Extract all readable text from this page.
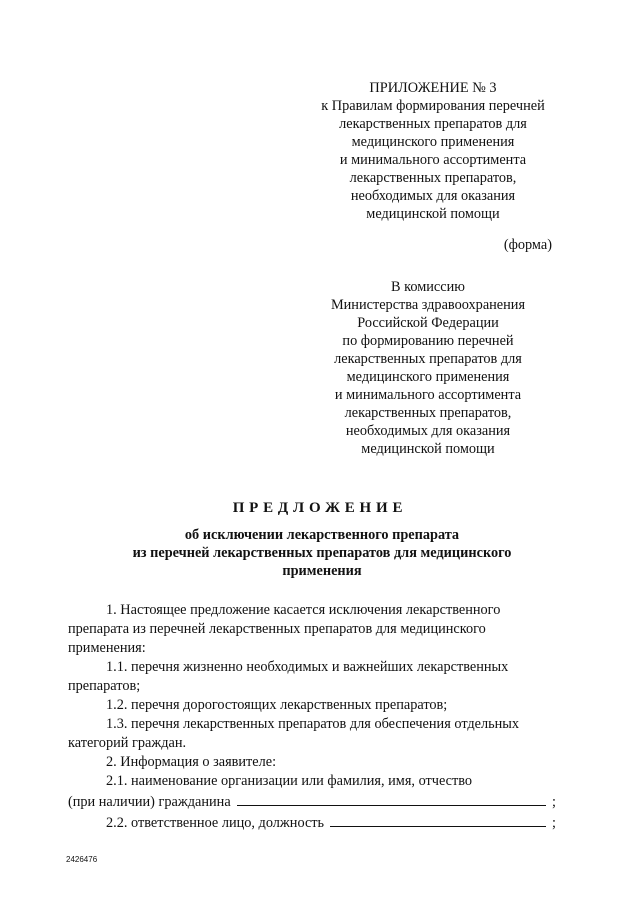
ПРИЛОЖЕНИЕ № 3
к Правилам формирования перечней
лекарственных препаратов для
медицинского применения
и минимального ассортимента
лекарственных препаратов,
необходимых для оказания
медицинской помощи
(форма)
В комиссию
Министерства здравоохранения
Российской Федерации
по формированию перечней
лекарственных препаратов для
медицинского применения
и минимального ассортимента
лекарственных препаратов,
необходимых для оказания
медицинской помощи
ПРЕДЛОЖЕНИЕ
об исключении лекарственного препарата
из перечней лекарственных препаратов для медицинского
применения

1. Настоящее предложение касается исключения лекарственного

препарата из перечней лекарственных препаратов для медицинского

применения:

1.1. перечня жизненно необходимых и важнейших лекарственных

препаратов;

1.2. перечня дорогостоящих лекарственных препаратов;

1.3. перечня лекарственных препаратов для обеспечения отдельных

категорий граждан.

2. Информация о заявителе:

2.1. наименование организации или фамилия, имя, отчество

(при наличии) гражданина	;
2.2. ответственное лицо, должность	;
2426476
